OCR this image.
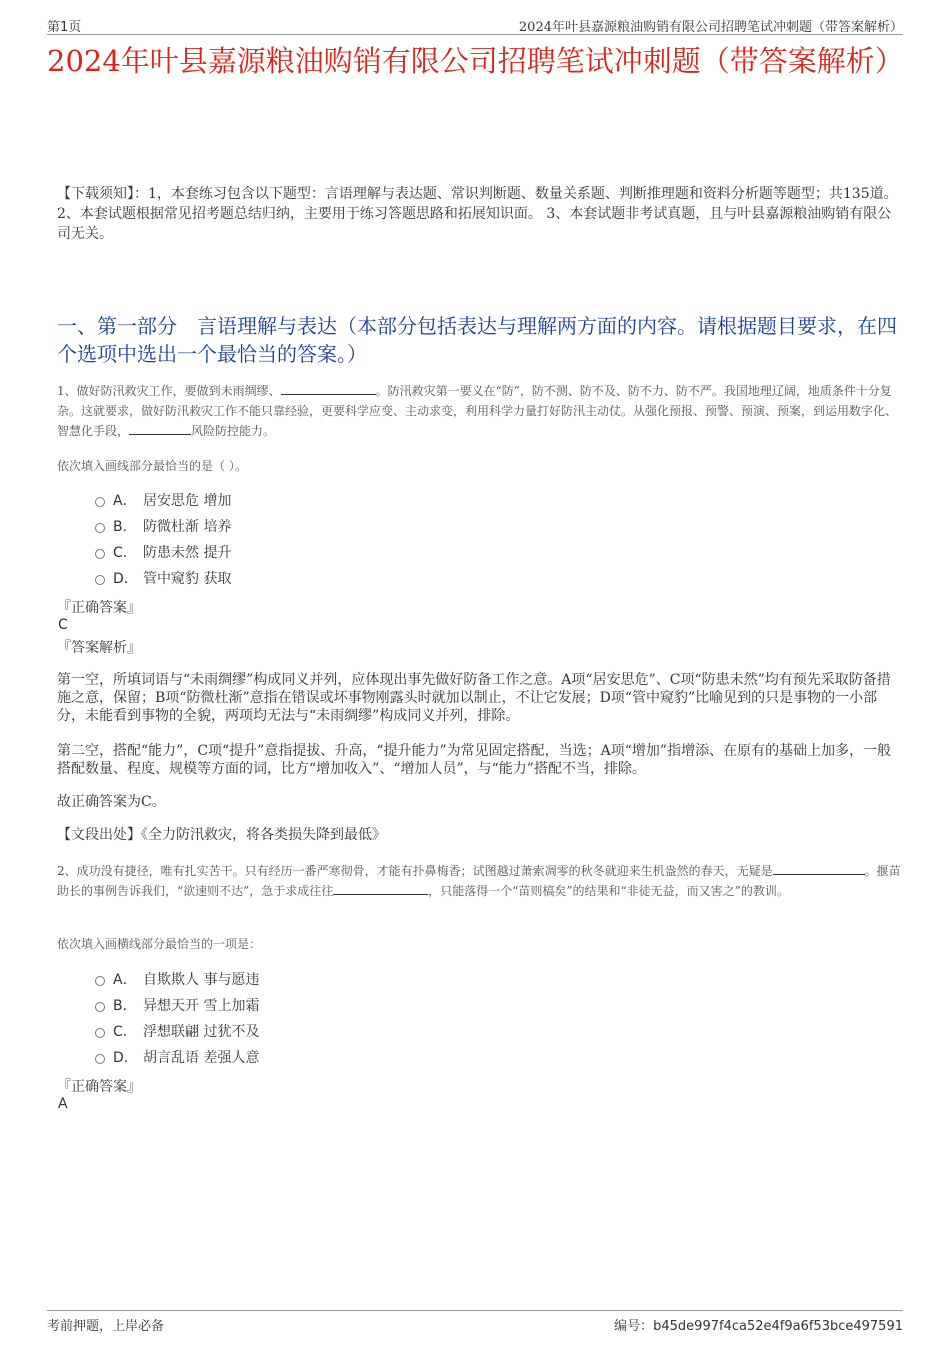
第1页	2024年叶县嘉源粮油购销有限公司招聘笔试冲刺题（带答案解析）
2024年叶县嘉源粮油购销有限公司招聘笔试冲刺题（带答案解析）
【下载须知】：1，本套练习包含以下题型：言语理解与表达题、常识判断题、数量关系题、判断推理题和资料分析题等题型；共135道。 2、本套试题根据常见招考题总结归纳，主要用于练习答题思路和拓展知识面。 3、本套试题非考试真题，且与叶县嘉源粮油购销有限公司无关。
一、第一部分　言语理解与表达（本部分包括表达与理解两方面的内容。请根据题目要求，在四个选项中选出一个最恰当的答案。）
1、做好防汛救灾工作，要做到未雨绸缪、	。防汛救灾第一要义在“防”，防不测、防不及、防不力、防不严。我国地理辽阔，地质条件十分复杂。这就要求，做好防汛救灾工作不能只靠经验，更要科学应变、主动求变，利用科学力量打好防汛主动仗。从强化预报、预警、预演、预案，到运用数字化、智慧化手段，	风险防控能力。
依次填入画线部分最恰当的是（ ）。
A． 居安思危 增加
B． 防微杜渐 培养
C． 防患未然 提升
D． 管中窥豹 获取
『正确答案』
C
『答案解析』

第一空，所填词语与“未雨绸缪”构成同义并列，应体现出事先做好防备工作之意。A项“居安思危”、C项“防患未然”均有预先采取防备措施之意，保留；B项“防微杜渐”意指在错误或坏事物刚露头时就加以制止，不让它发展；D项“管中窥豹”比喻见到的只是事物的一小部分，未能看到事物的全貌，两项均无法与“未雨绸缪”构成同义并列，排除。

第二空，搭配“能力”，C项“提升”意指提拔、升高，“提升能力”为常见固定搭配，当选；A项“增加”指增添、在原有的基础上加多，一般搭配数量、程度、规模等方面的词，比方“增加收入”、“增加人员”，与“能力”搭配不当，排除。

故正确答案为C。

【文段出处】《全力防汛救灾，将各类损失降到最低》

2、成功没有捷径，唯有扎实苦干。只有经历一番严寒彻骨，才能有扑鼻梅香；试图越过萧索凋零的秋冬就迎来生机盎然的春天，无疑是	。揠苗助长的事例告诉我们，“欲速则不达”，急于求成往往	，只能落得一个“苗则槁矣”的结果和“非徒无益，而又害之”的教训。
依次填入画横线部分最恰当的一项是：
A． 自欺欺人 事与愿违
B． 异想天开 雪上加霜
C． 浮想联翩 过犹不及
D． 胡言乱语 差强人意
『正确答案』
A
考前押题，上岸必备	编号：b45de997f4ca52e4f9a6f53bce497591
